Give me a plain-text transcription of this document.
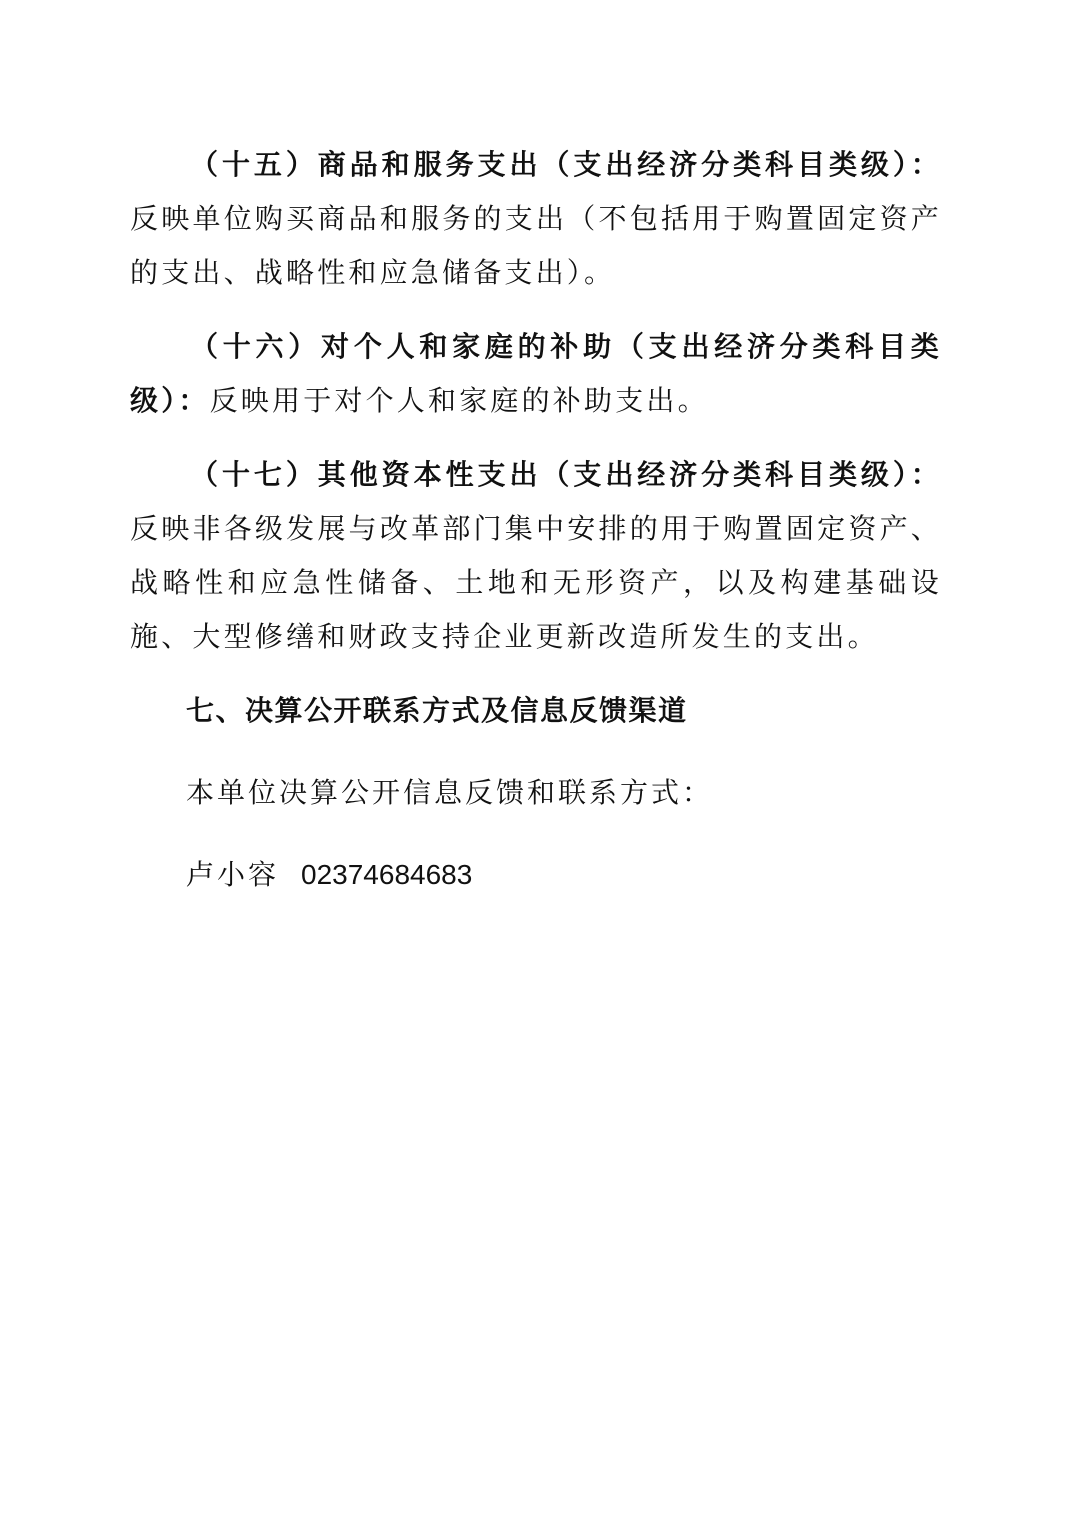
（十五）商品和服务支出（支出经济分类科目类级）：反映单位购买商品和服务的支出（不包括用于购置固定资产的支出、战略性和应急储备支出）。

（十六）对个人和家庭的补助（支出经济分类科目类级）：反映用于对个人和家庭的补助支出。

（十七）其他资本性支出（支出经济分类科目类级）：反映非各级发展与改革部门集中安排的用于购置固定资产、战略性和应急性储备、土地和无形资产，以及构建基础设施、大型修缮和财政支持企业更新改造所发生的支出。

七、决算公开联系方式及信息反馈渠道

本单位决算公开信息反馈和联系方式：

卢小容 02374684683
